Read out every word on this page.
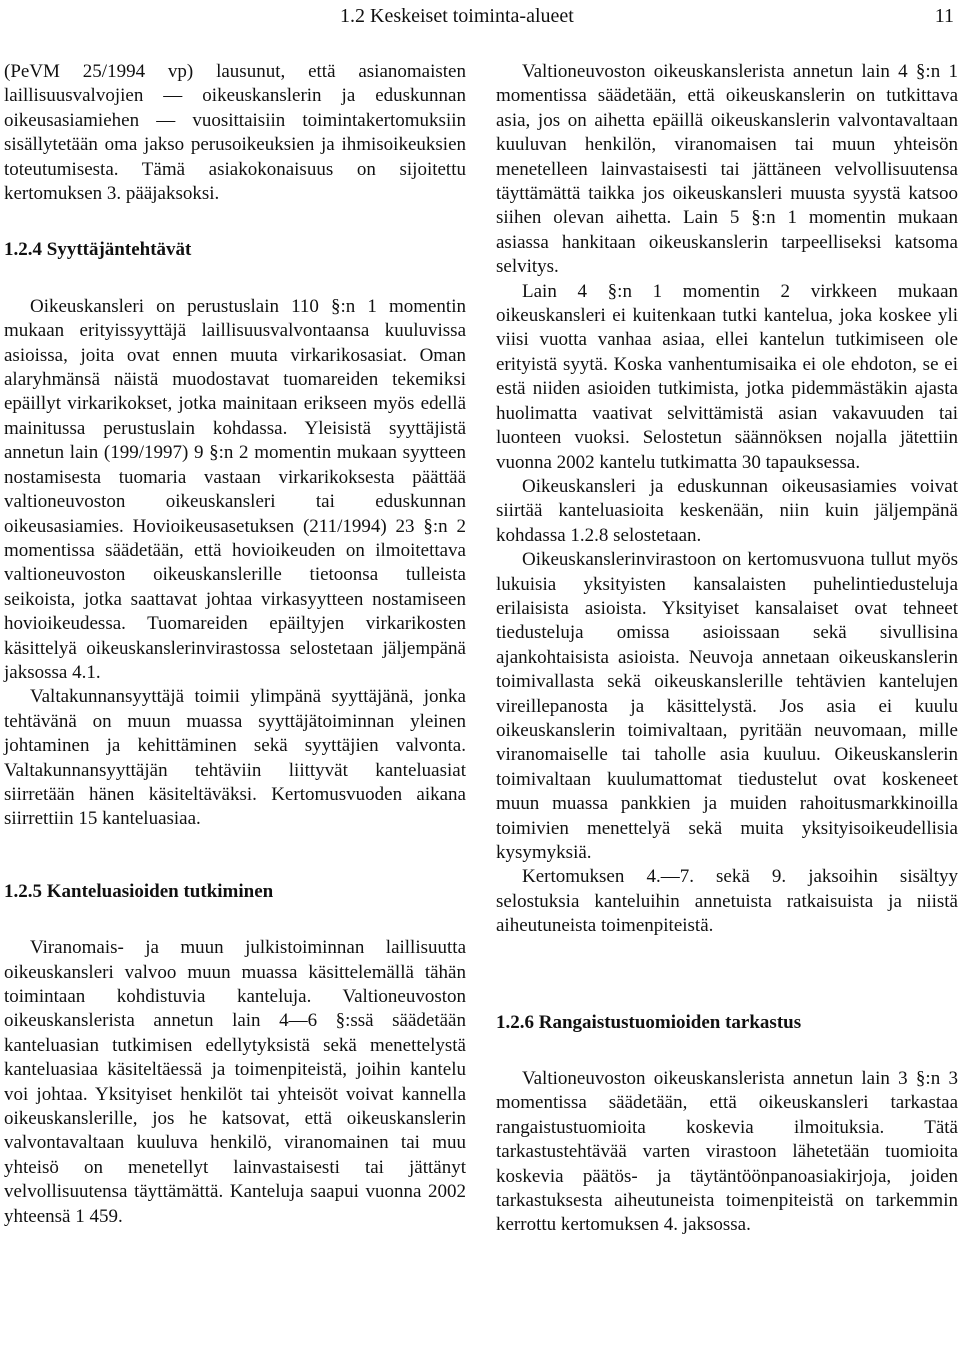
1.2 Keskeiset toiminta-alueet	11

(PeVM 25/1994 vp) lausunut, että asianomaisten laillisuusvalvojien — oikeuskanslerin ja eduskunnan oikeusasiamiehen — vuosittaisiin toimintakertomuksiin sisällytetään oma jakso perusoikeuksien ja ihmisoikeuksien toteutumisesta. Tämä asiakokonaisuus on sijoitettu kertomuksen 3. pääjaksoksi.

1.2.4 Syyttäjäntehtävät

Oikeuskansleri on perustuslain 110 §:n 1 momentin mukaan erityissyyttäjä laillisuusvalvontaansa kuuluvissa asioissa, joita ovat ennen muuta virkarikosasiat. Oman alaryhmänsä näistä muodostavat tuomareiden tekemiksi epäillyt virkarikokset, jotka mainitaan erikseen myös edellä mainitussa perustuslain kohdassa. Yleisistä syyttäjistä annetun lain (199/1997) 9 §:n 2 momentin mukaan syytteen nostamisesta tuomaria vastaan virkarikoksesta päättää valtioneuvoston oikeuskansleri tai eduskunnan oikeusasiamies. Hovioikeusasetuksen (211/1994) 23 §:n 2 momentissa säädetään, että hovioikeuden on ilmoitettava valtioneuvoston oikeuskanslerille tietoonsa tulleista seikoista, jotka saattavat johtaa virkasyytteen nostamiseen hovioikeudessa. Tuomareiden epäiltyjen virkarikosten käsittelyä oikeuskanslerinvirastossa selostetaan jäljempänä jaksossa 4.1.

Valtakunnansyyttäjä toimii ylimpänä syyttäjänä, jonka tehtävänä on muun muassa syyttäjätoiminnan yleinen johtaminen ja kehittäminen sekä syyttäjien valvonta. Valtakunnansyyttäjän tehtäviin liittyvät kanteluasiat siirretään hänen käsiteltäväksi. Kertomusvuoden aikana siirrettiin 15 kanteluasiaa.

1.2.5 Kanteluasioiden tutkiminen

Viranomais- ja muun julkistoiminnan laillisuutta oikeuskansleri valvoo muun muassa käsittelemällä tähän toimintaan kohdistuvia kanteluja. Valtioneuvoston oikeuskanslerista annetun lain 4—6 §:ssä säädetään kanteluasian tutkimisen edellytyksistä sekä menettelystä kanteluasiaa käsiteltäessä ja toimenpiteistä, joihin kantelu voi johtaa. Yksityiset henkilöt tai yhteisöt voivat kannella oikeuskanslerille, jos he katsovat, että oikeuskanslerin valvontavaltaan kuuluva henkilö, viranomainen tai muu yhteisö on menetellyt lainvastaisesti tai jättänyt velvollisuutensa täyttämättä. Kanteluja saapui vuonna 2002 yhteensä 1 459.

Valtioneuvoston oikeuskanslerista annetun lain 4 §:n 1 momentissa säädetään, että oikeuskanslerin on tutkittava asia, jos on aihetta epäillä oikeuskanslerin valvontavaltaan kuuluvan henkilön, viranomaisen tai muun yhteisön menetelleen lainvastaisesti tai jättäneen velvollisuutensa täyttämättä taikka jos oikeuskansleri muusta syystä katsoo siihen olevan aihetta. Lain 5 §:n 1 momentin mukaan asiassa hankitaan oikeuskanslerin tarpeelliseksi katsoma selvitys.

Lain 4 §:n 1 momentin 2 virkkeen mukaan oikeuskansleri ei kuitenkaan tutki kantelua, joka koskee yli viisi vuotta vanhaa asiaa, ellei kantelun tutkimiseen ole erityistä syytä. Koska vanhentumisaika ei ole ehdoton, se ei estä niiden asioiden tutkimista, jotka pidemmästäkin ajasta huolimatta vaativat selvittämistä asian vakavuuden tai luonteen vuoksi. Selostetun säännöksen nojalla jätettiin vuonna 2002 kantelu tutkimatta 30 tapauksessa.

Oikeuskansleri ja eduskunnan oikeusasiamies voivat siirtää kanteluasioita keskenään, niin kuin jäljempänä kohdassa 1.2.8 selostetaan.

Oikeuskanslerinvirastoon on kertomusvuona tullut myös lukuisia yksityisten kansalaisten puhelintiedusteluja erilaisista asioista. Yksityiset kansalaiset ovat tehneet tiedusteluja omissa asioissaan sekä sivullisina ajankohtaisista asioista. Neuvoja annetaan oikeuskanslerin toimivallasta sekä oikeuskanslerille tehtävien kantelujen vireillepanosta ja käsittelystä. Jos asia ei kuulu oikeuskanslerin toimivaltaan, pyritään neuvomaan, mille viranomaiselle tai taholle asia kuuluu. Oikeuskanslerin toimivaltaan kuulumattomat tiedustelut ovat koskeneet muun muassa pankkien ja muiden rahoitusmarkkinoilla toimivien menettelyä sekä muita yksityisoikeudellisia kysymyksiä.

Kertomuksen 4.—7. sekä 9. jaksoihin sisältyy selostuksia kanteluihin annetuista ratkaisuista ja niistä aiheutuneista toimenpiteistä.

1.2.6 Rangaistustuomioiden tarkastus

Valtioneuvoston oikeuskanslerista annetun lain 3 §:n 3 momentissa säädetään, että oikeuskansleri tarkastaa rangaistustuomioita koskevia ilmoituksia. Tätä tarkastustehtävää varten virastoon lähetetään tuomioita koskevia päätös- ja täytäntöönpanoasiakirjoja, joiden tarkastuksesta aiheutuneista toimenpiteistä on tarkemmin kerrottu kertomuksen 4. jaksossa.
